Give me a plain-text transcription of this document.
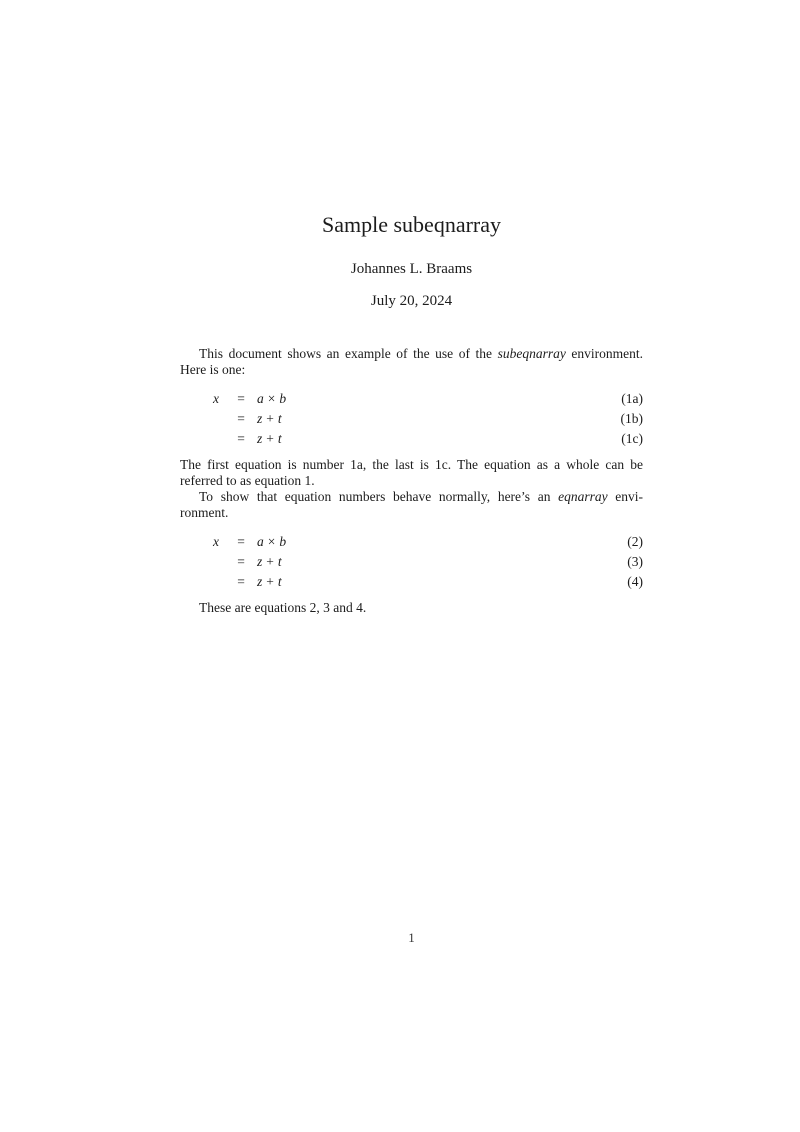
Sample subeqnarray
Johannes L. Braams
July 20, 2024
This document shows an example of the use of the subeqnarray environment.
Here is one:
x	= a × b	(1a)
= z + t	(1b)
= z + t	(1c)
The first equation is number 1a, the last is 1c. The equation as a whole can be
referred to as equation 1.
To show that equation numbers behave normally, here’s an eqnarray envi-
ronment.
x	= a × b	(2)
= z + t	(3)
= z + t	(4)
These are equations 2, 3 and 4.
1
